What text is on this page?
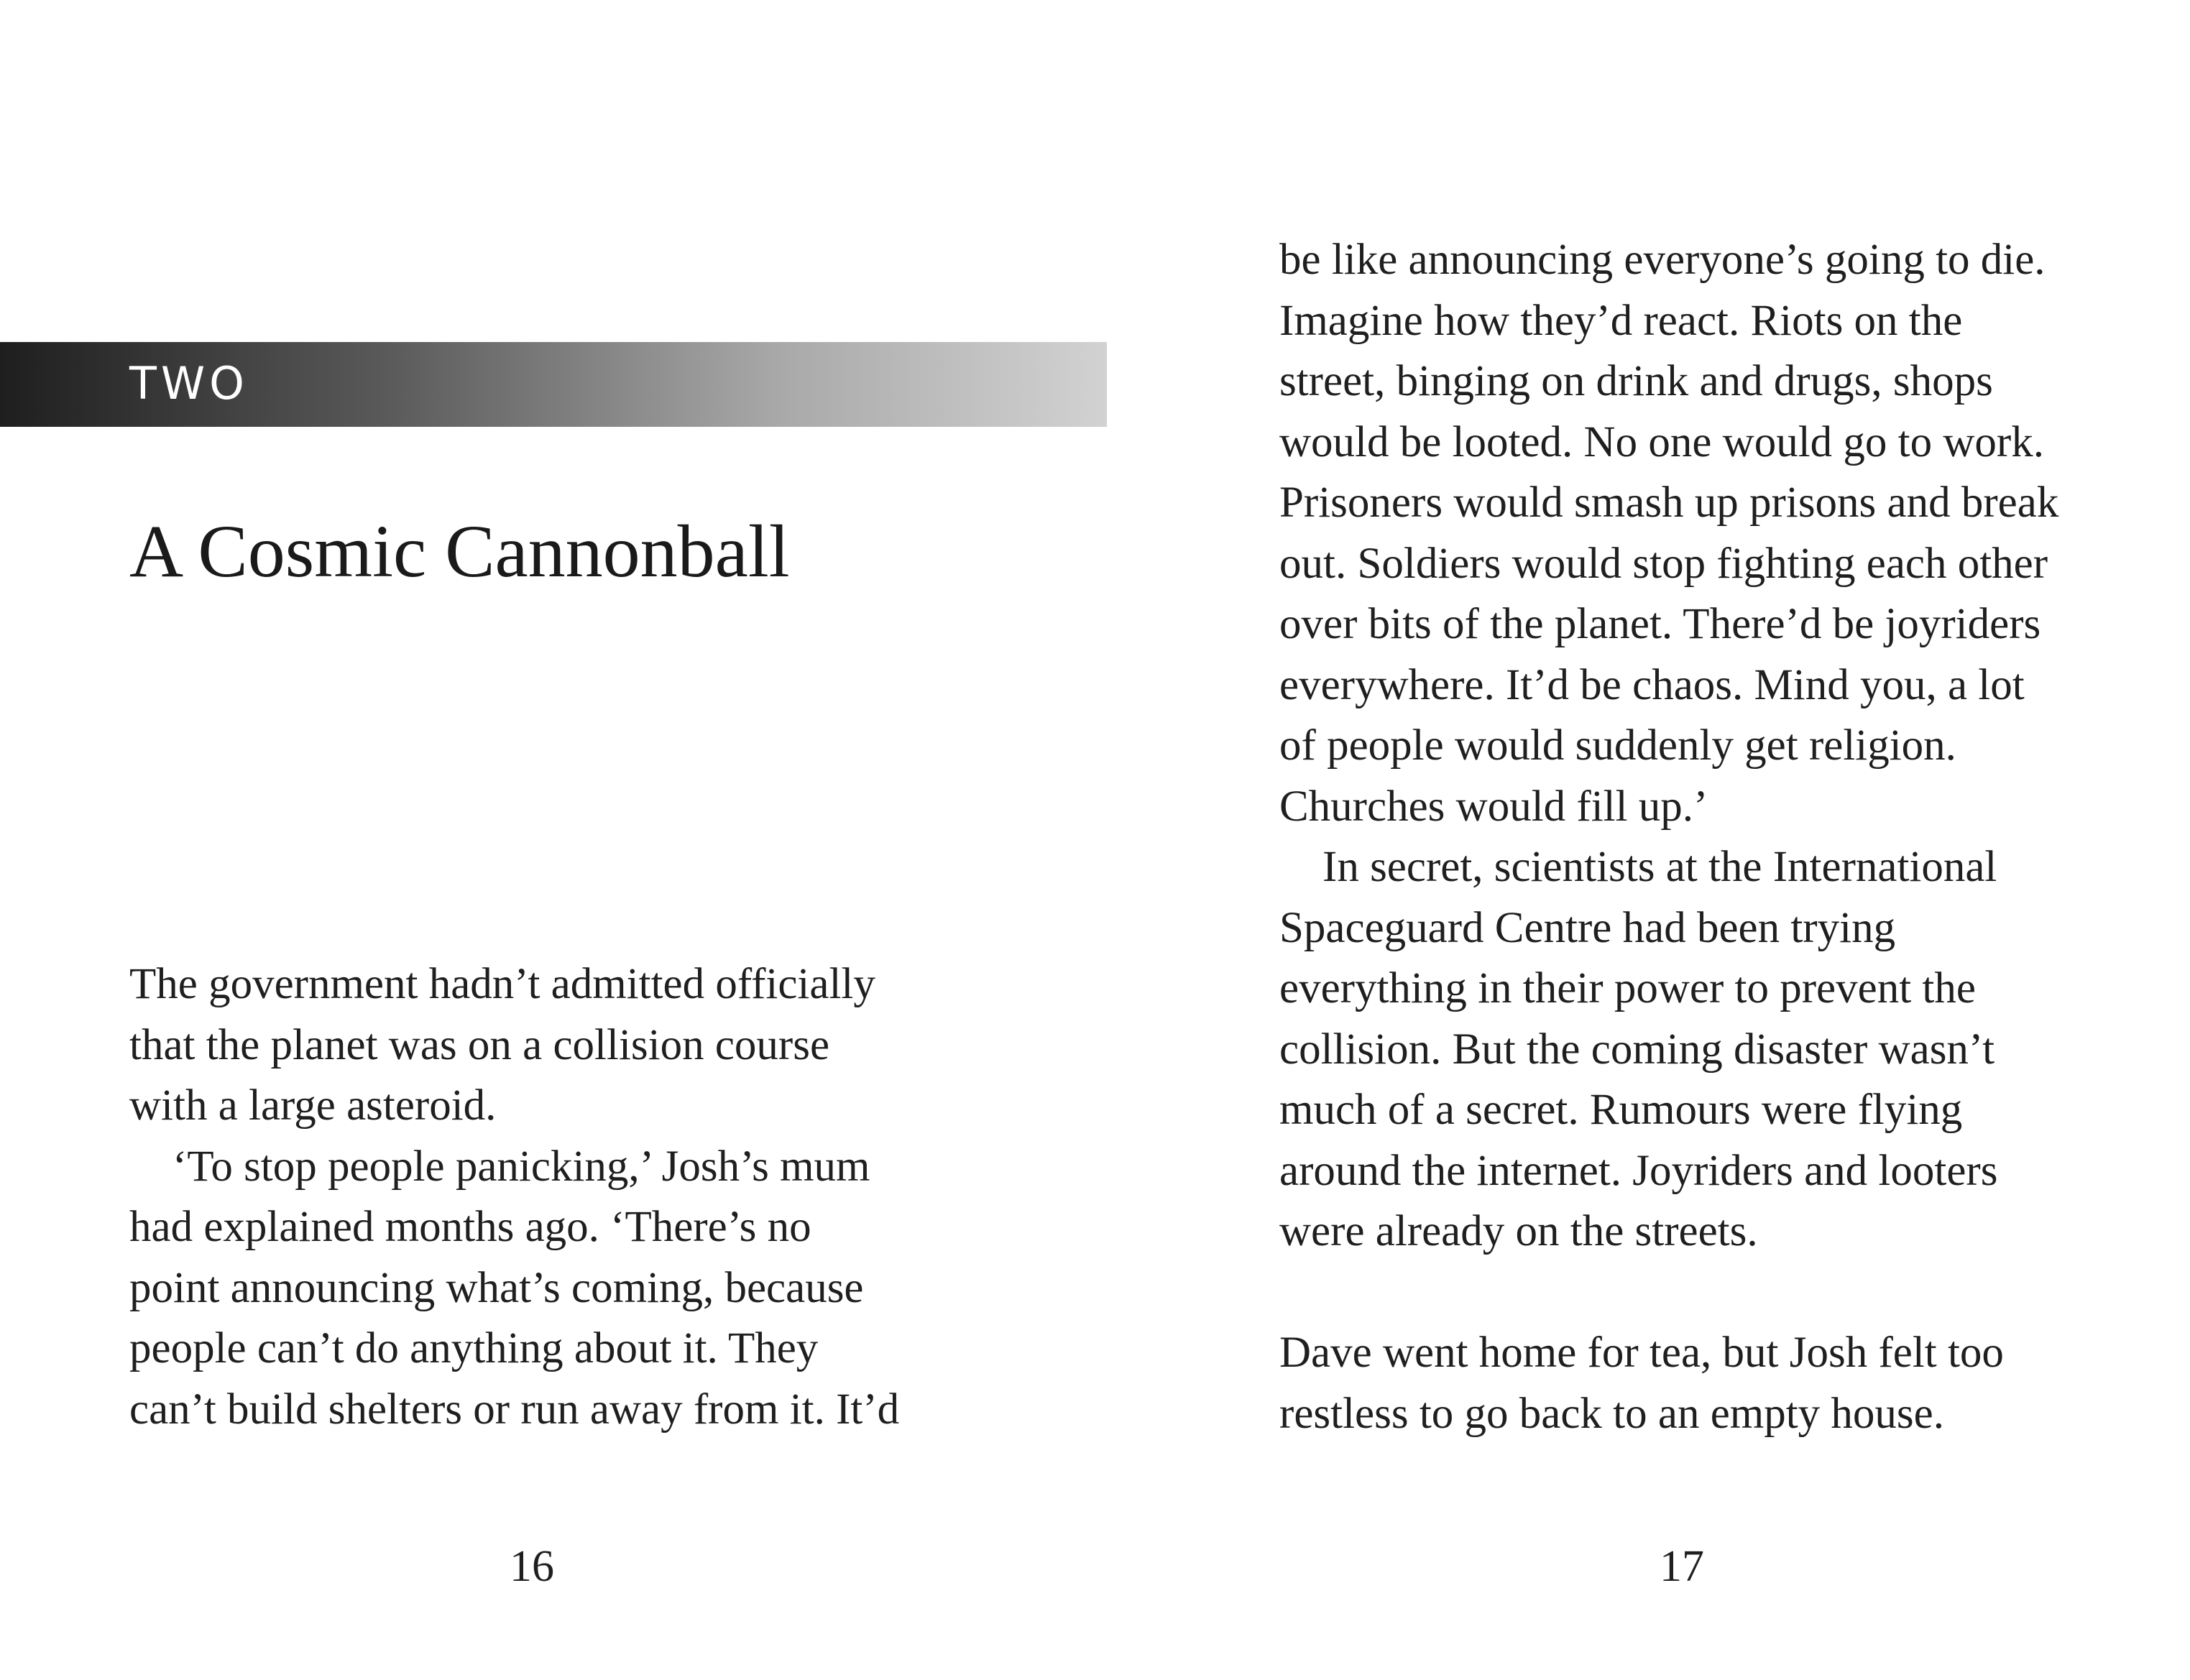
TWO
A Cosmic Cannonball
The government hadn’t admitted officially
that the planet was on a collision course
with a large asteroid.
‘To stop people panicking,’ Josh’s mum
had explained months ago. ‘There’s no
point announcing what’s coming, because
people can’t do anything about it. They
can’t build shelters or run away from it. It’d
16
be like announcing everyone’s going to die.
Imagine how they’d react. Riots on the
street, binging on drink and drugs, shops
would be looted. No one would go to work.
Prisoners would smash up prisons and break
out. Soldiers would stop fighting each other
over bits of the planet. There’d be joyriders
everywhere. It’d be chaos. Mind you, a lot
of people would suddenly get religion.
Churches would fill up.’
In secret, scientists at the International
Spaceguard Centre had been trying
everything in their power to prevent the
collision. But the coming disaster wasn’t
much of a secret. Rumours were flying
around the internet. Joyriders and looters
were already on the streets.
Dave went home for tea, but Josh felt too
restless to go back to an empty house.
17
